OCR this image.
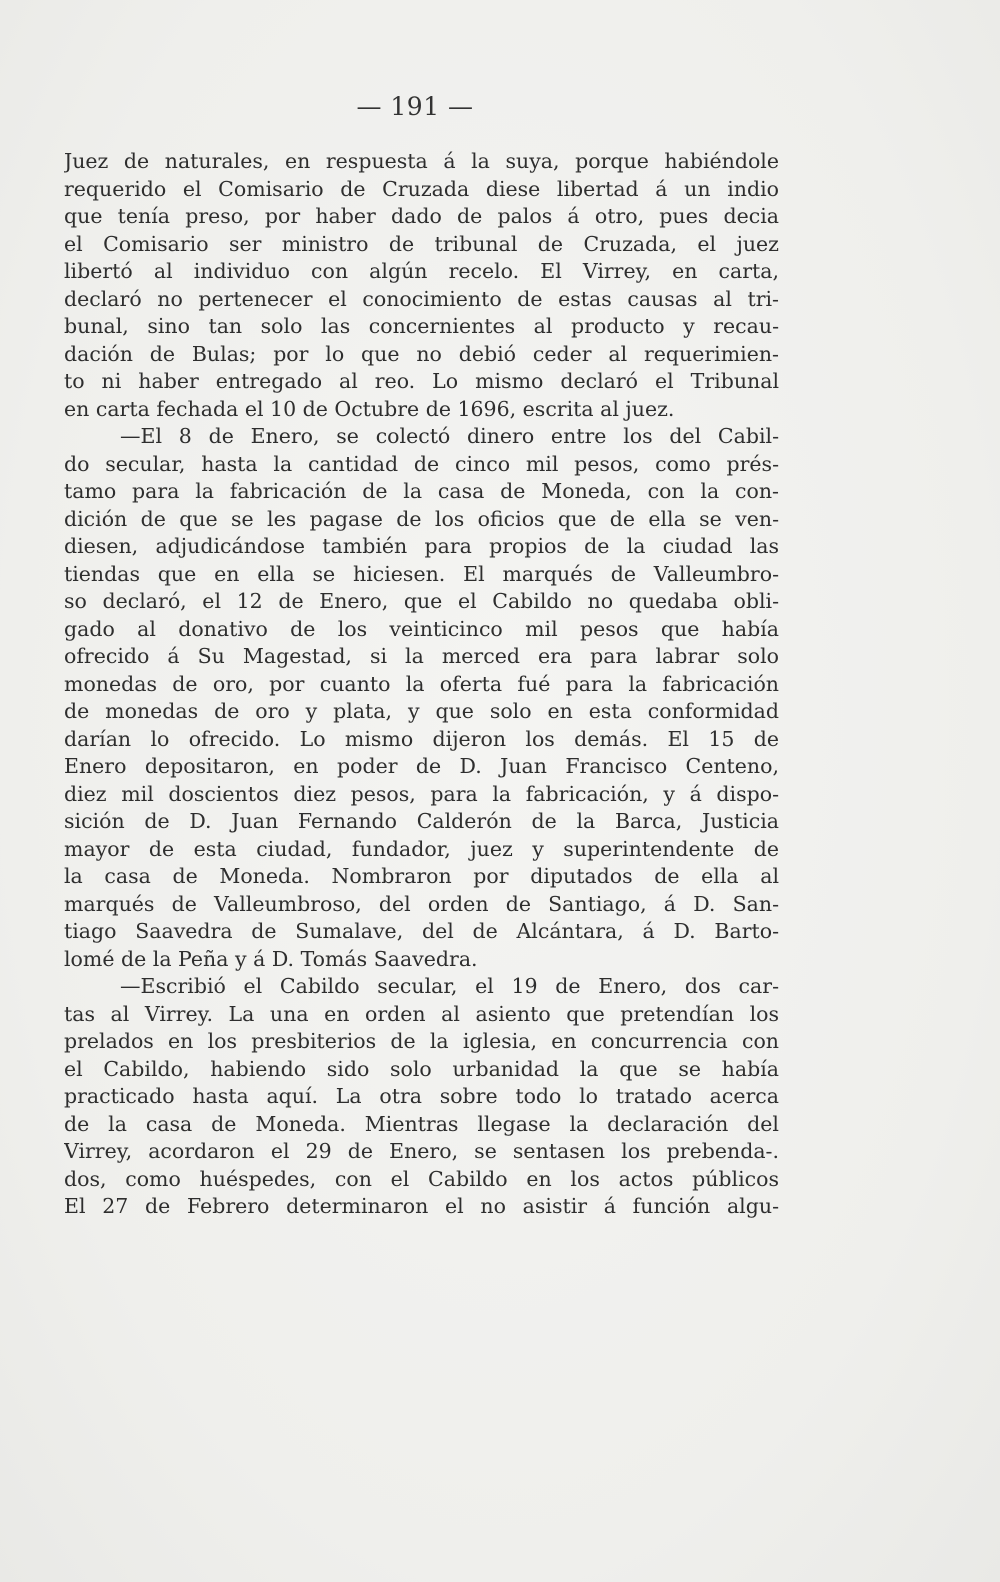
— 191 —
Juez de naturales, en respuesta á la suya, porque habiéndole
requerido el Comisario de Cruzada diese libertad á un indio
que tenía preso, por haber dado de palos á otro, pues decia
el Comisario ser ministro de tribunal de Cruzada, el juez
libertó al individuo con algún recelo. El Virrey, en carta,
declaró no pertenecer el conocimiento de estas causas al tri-
bunal, sino tan solo las concernientes al producto y recau-
dación de Bulas; por lo que no debió ceder al requerimien-
to ni haber entregado al reo. Lo mismo declaró el Tribunal
en carta fechada el 10 de Octubre de 1696, escrita al juez.
—El 8 de Enero, se colectó dinero entre los del Cabil-
do secular, hasta la cantidad de cinco mil pesos, como prés-
tamo para la fabricación de la casa de Moneda, con la con-
dición de que se les pagase de los oficios que de ella se ven-
diesen, adjudicándose también para propios de la ciudad las
tiendas que en ella se hiciesen. El marqués de Valleumbro-
so declaró, el 12 de Enero, que el Cabildo no quedaba obli-
gado al donativo de los veinticinco mil pesos que había
ofrecido á Su Magestad, si la merced era para labrar solo
monedas de oro, por cuanto la oferta fué para la fabricación
de monedas de oro y plata, y que solo en esta conformidad
darían lo ofrecido. Lo mismo dijeron los demás. El 15 de
Enero depositaron, en poder de D. Juan Francisco Centeno,
diez mil doscientos diez pesos, para la fabricación, y á dispo-
sición de D. Juan Fernando Calderón de la Barca, Justicia
mayor de esta ciudad, fundador, juez y superintendente de
la casa de Moneda. Nombraron por diputados de ella al
marqués de Valleumbroso, del orden de Santiago, á D. San-
tiago Saavedra de Sumalave, del de Alcántara, á D. Barto-
lomé de la Peña y á D. Tomás Saavedra.
—Escribió el Cabildo secular, el 19 de Enero, dos car-
tas al Virrey. La una en orden al asiento que pretendían los
prelados en los presbiterios de la iglesia, en concurrencia con
el Cabildo, habiendo sido solo urbanidad la que se había
practicado hasta aquí. La otra sobre todo lo tratado acerca
de la casa de Moneda. Mientras llegase la declaración del
Virrey, acordaron el 29 de Enero, se sentasen los prebenda-.
dos, como huéspedes, con el Cabildo en los actos públicos
El 27 de Febrero determinaron el no asistir á función algu-
